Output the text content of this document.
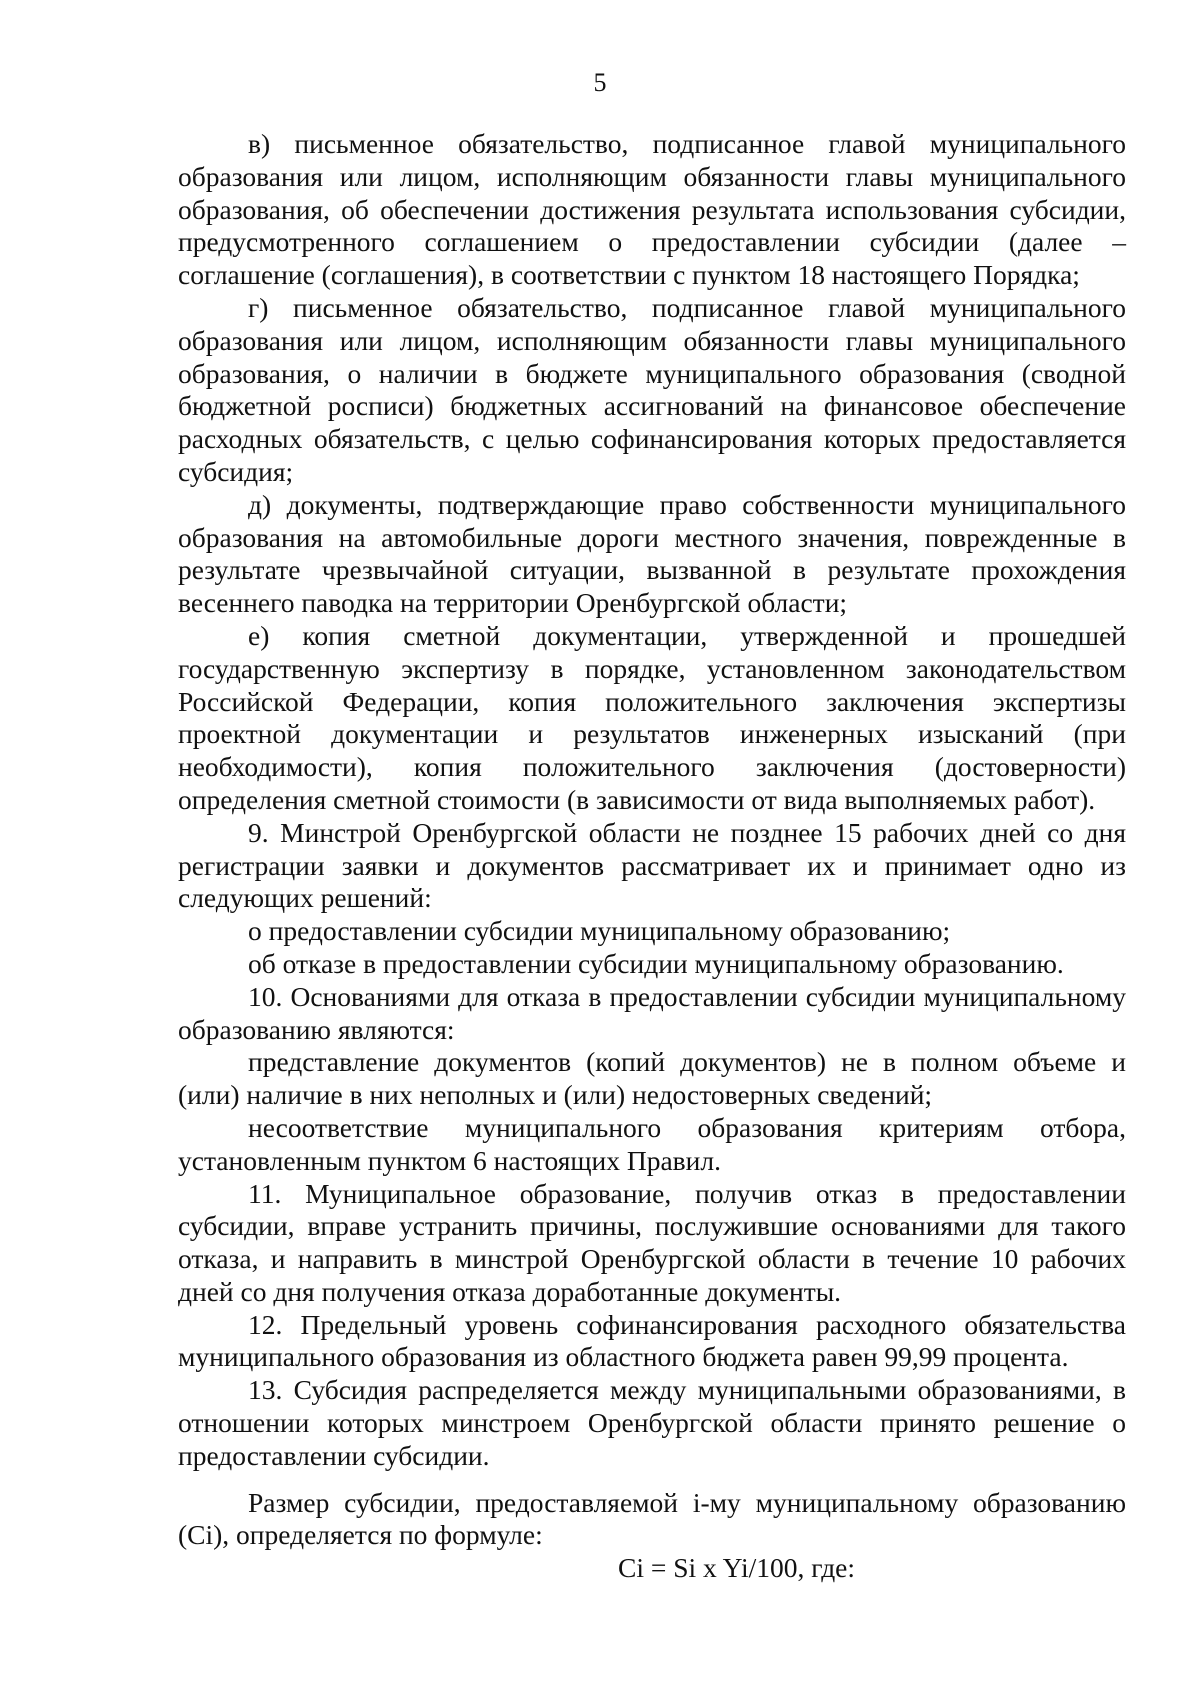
5

в) письменное обязательство, подписанное главой муниципального образования или лицом, исполняющим обязанности главы муниципального образования, об обеспечении достижения результата использования субсидии, предусмотренного соглашением о предоставлении субсидии (далее – соглашение (соглашения), в соответствии с пунктом 18 настоящего Порядка;

г) письменное обязательство, подписанное главой муниципального образования или лицом, исполняющим обязанности главы муниципального образования, о наличии в бюджете муниципального образования (сводной бюджетной росписи) бюджетных ассигнований на финансовое обеспечение расходных обязательств, с целью софинансирования которых предоставляется субсидия;

д) документы, подтверждающие право собственности муниципального образования на автомобильные дороги местного значения, поврежденные в результате чрезвычайной ситуации, вызванной в результате прохождения весеннего паводка на территории Оренбургской области;

е) копия сметной документации, утвержденной и прошедшей государственную экспертизу в порядке, установленном законодательством Российской Федерации, копия положительного заключения экспертизы проектной документации и результатов инженерных изысканий (при необходимости), копия положительного заключения (достоверности) определения сметной стоимости (в зависимости от вида выполняемых работ).

9. Минстрой Оренбургской области не позднее 15 рабочих дней со дня регистрации заявки и документов рассматривает их и принимает одно из следующих решений:

о предоставлении субсидии муниципальному образованию;

об отказе в предоставлении субсидии муниципальному образованию.

10. Основаниями для отказа в предоставлении субсидии муниципальному образованию являются:

представление документов (копий документов) не в полном объеме и (или) наличие в них неполных и (или) недостоверных сведений;

несоответствие муниципального образования критериям отбора, установленным пунктом 6 настоящих Правил.

11. Муниципальное образование, получив отказ в предоставлении субсидии, вправе устранить причины, послужившие основаниями для такого отказа, и направить в минстрой Оренбургской области в течение 10 рабочих дней со дня получения отказа доработанные документы.

12. Предельный уровень софинансирования расходного обязательства муниципального образования из областного бюджета равен 99,99 процента.

13. Субсидия распределяется между муниципальными образованиями, в отношении которых минстроем Оренбургской области принято решение о предоставлении субсидии.

Размер субсидии, предоставляемой i-му муниципальному образованию (Ci), определяется по формуле:

Ci = Si x Yi/100, где:
